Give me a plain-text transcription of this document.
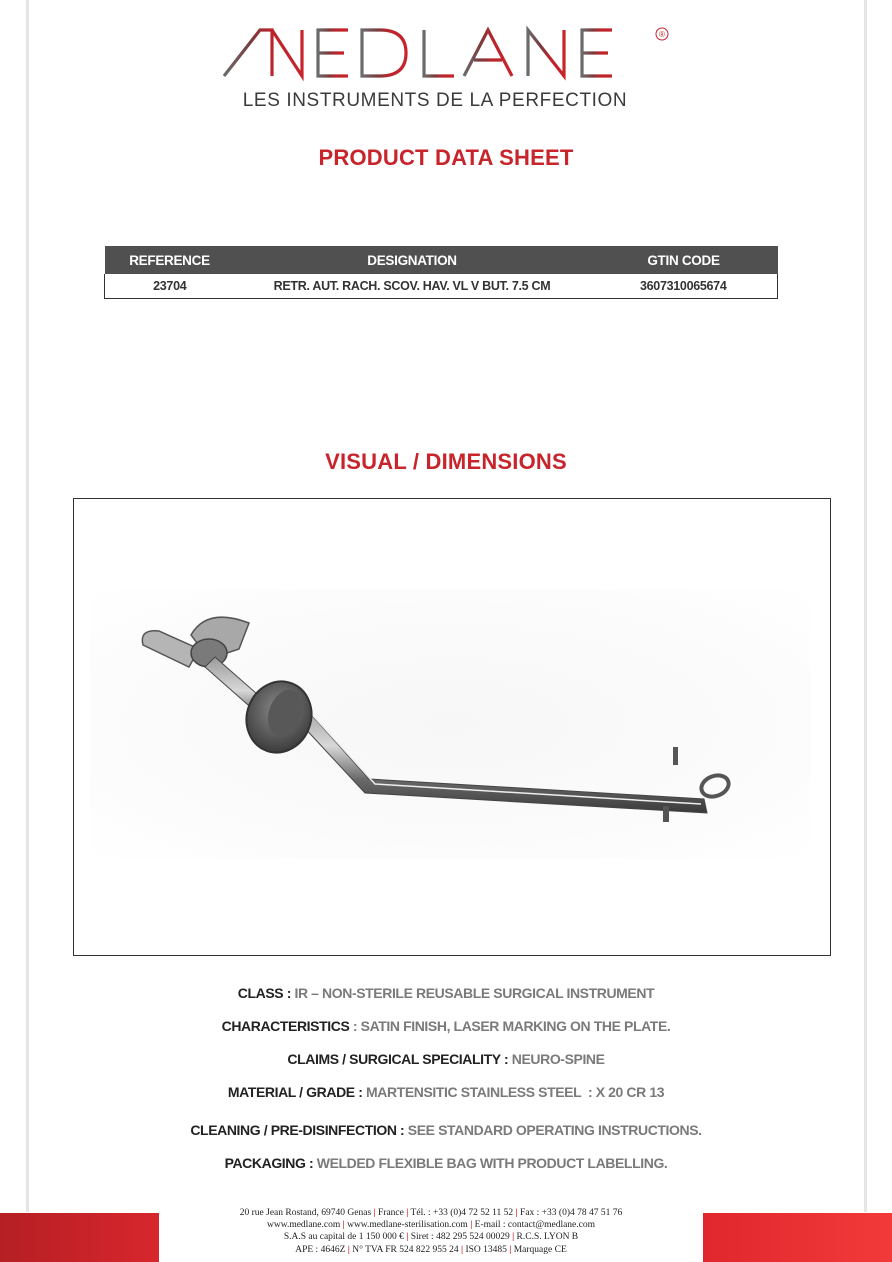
®
LES INSTRUMENTS DE LA PERFECTION
PRODUCT DATA SHEET
REFERENCE	DESIGNATION	GTIN CODE
23704	RETR. AUT. RACH. SCOV. HAV. VL V BUT. 7.5 CM	3607310065674
VISUAL / DIMENSIONS
CLASS : IR – NON-STERILE REUSABLE SURGICAL INSTRUMENT
CHARACTERISTICS : SATIN FINISH, LASER MARKING ON THE PLATE.
CLAIMS / SURGICAL SPECIALITY : NEURO-SPINE
MATERIAL / GRADE : MARTENSITIC STAINLESS STEEL  : X 20 CR 13
CLEANING / PRE-DISINFECTION : SEE STANDARD OPERATING INSTRUCTIONS.
PACKAGING : WELDED FLEXIBLE BAG WITH PRODUCT LABELLING.
20 rue Jean Rostand, 69740 Genas | France | Tél. : +33 (0)4 72 52 11 52 | Fax : +33 (0)4 78 47 51 76
www.medlane.com | www.medlane-sterilisation.com | E-mail : contact@medlane.com
S.A.S au capital de 1 150 000 € | Siret : 482 295 524 00029 | R.C.S. LYON B
APE : 4646Z | N° TVA FR 524 822 955 24 | ISO 13485 | Marquage CE
